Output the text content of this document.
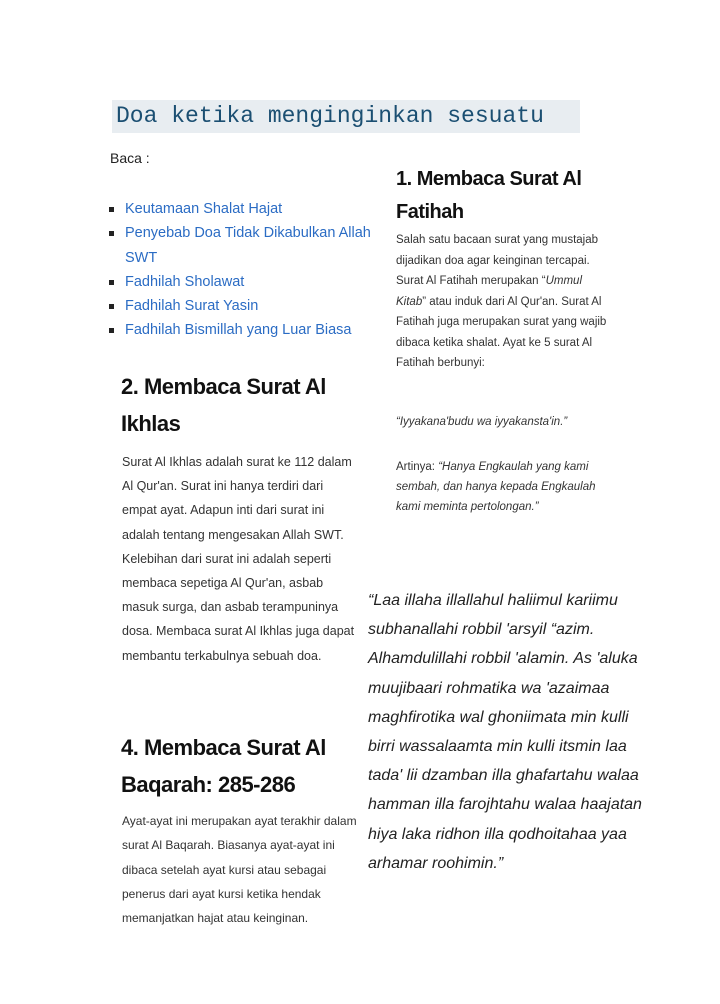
Doa ketika menginginkan sesuatu
Baca :
Keutamaan Shalat Hajat
Penyebab Doa Tidak Dikabulkan Allah SWT
Fadhilah Sholawat
Fadhilah Surat Yasin
Fadhilah Bismillah yang Luar Biasa
1. Membaca Surat Al Fatihah
Salah satu bacaan surat yang mustajab dijadikan doa agar keinginan tercapai. Surat Al Fatihah merupakan “Ummul Kitab” atau induk dari Al Qur'an. Surat Al Fatihah juga merupakan surat yang wajib dibaca ketika shalat. Ayat ke 5 surat Al Fatihah berbunyi:
“Iyyakana'budu wa iyyakansta'in.”
Artinya: “Hanya Engkaulah yang kami sembah, dan hanya kepada Engkaulah kami meminta pertolongan.”
2. Membaca Surat Al Ikhlas
Surat Al Ikhlas adalah surat ke 112 dalam Al Qur'an. Surat ini hanya terdiri dari empat ayat. Adapun inti dari surat ini adalah tentang mengesakan Allah SWT. Kelebihan dari surat ini adalah seperti membaca sepetiga Al Qur'an, asbab masuk surga, dan asbab terampuninya dosa. Membaca surat Al Ikhlas juga dapat membantu terkabulnya sebuah doa.
4. Membaca Surat Al Baqarah: 285-286
Ayat-ayat ini merupakan ayat terakhir dalam surat Al Baqarah. Biasanya ayat-ayat ini dibaca setelah ayat kursi atau sebagai penerus dari ayat kursi ketika hendak memanjatkan hajat atau keinginan.
“Laa illaha illallahul haliimul kariimu subhanallahi robbil 'arsyil “azim. Alhamdulillahi robbil 'alamin. As 'aluka muujibaari rohmatika wa 'azaimaa maghfirotika wal ghoniimata min kulli birri wassalaamta min kulli itsmin laa tada' lii dzamban illa ghafartahu walaa hamman illa farojhtahu walaa haajatan hiya laka ridhon illa qodhoitahaa yaa arhamar roohimin.”
